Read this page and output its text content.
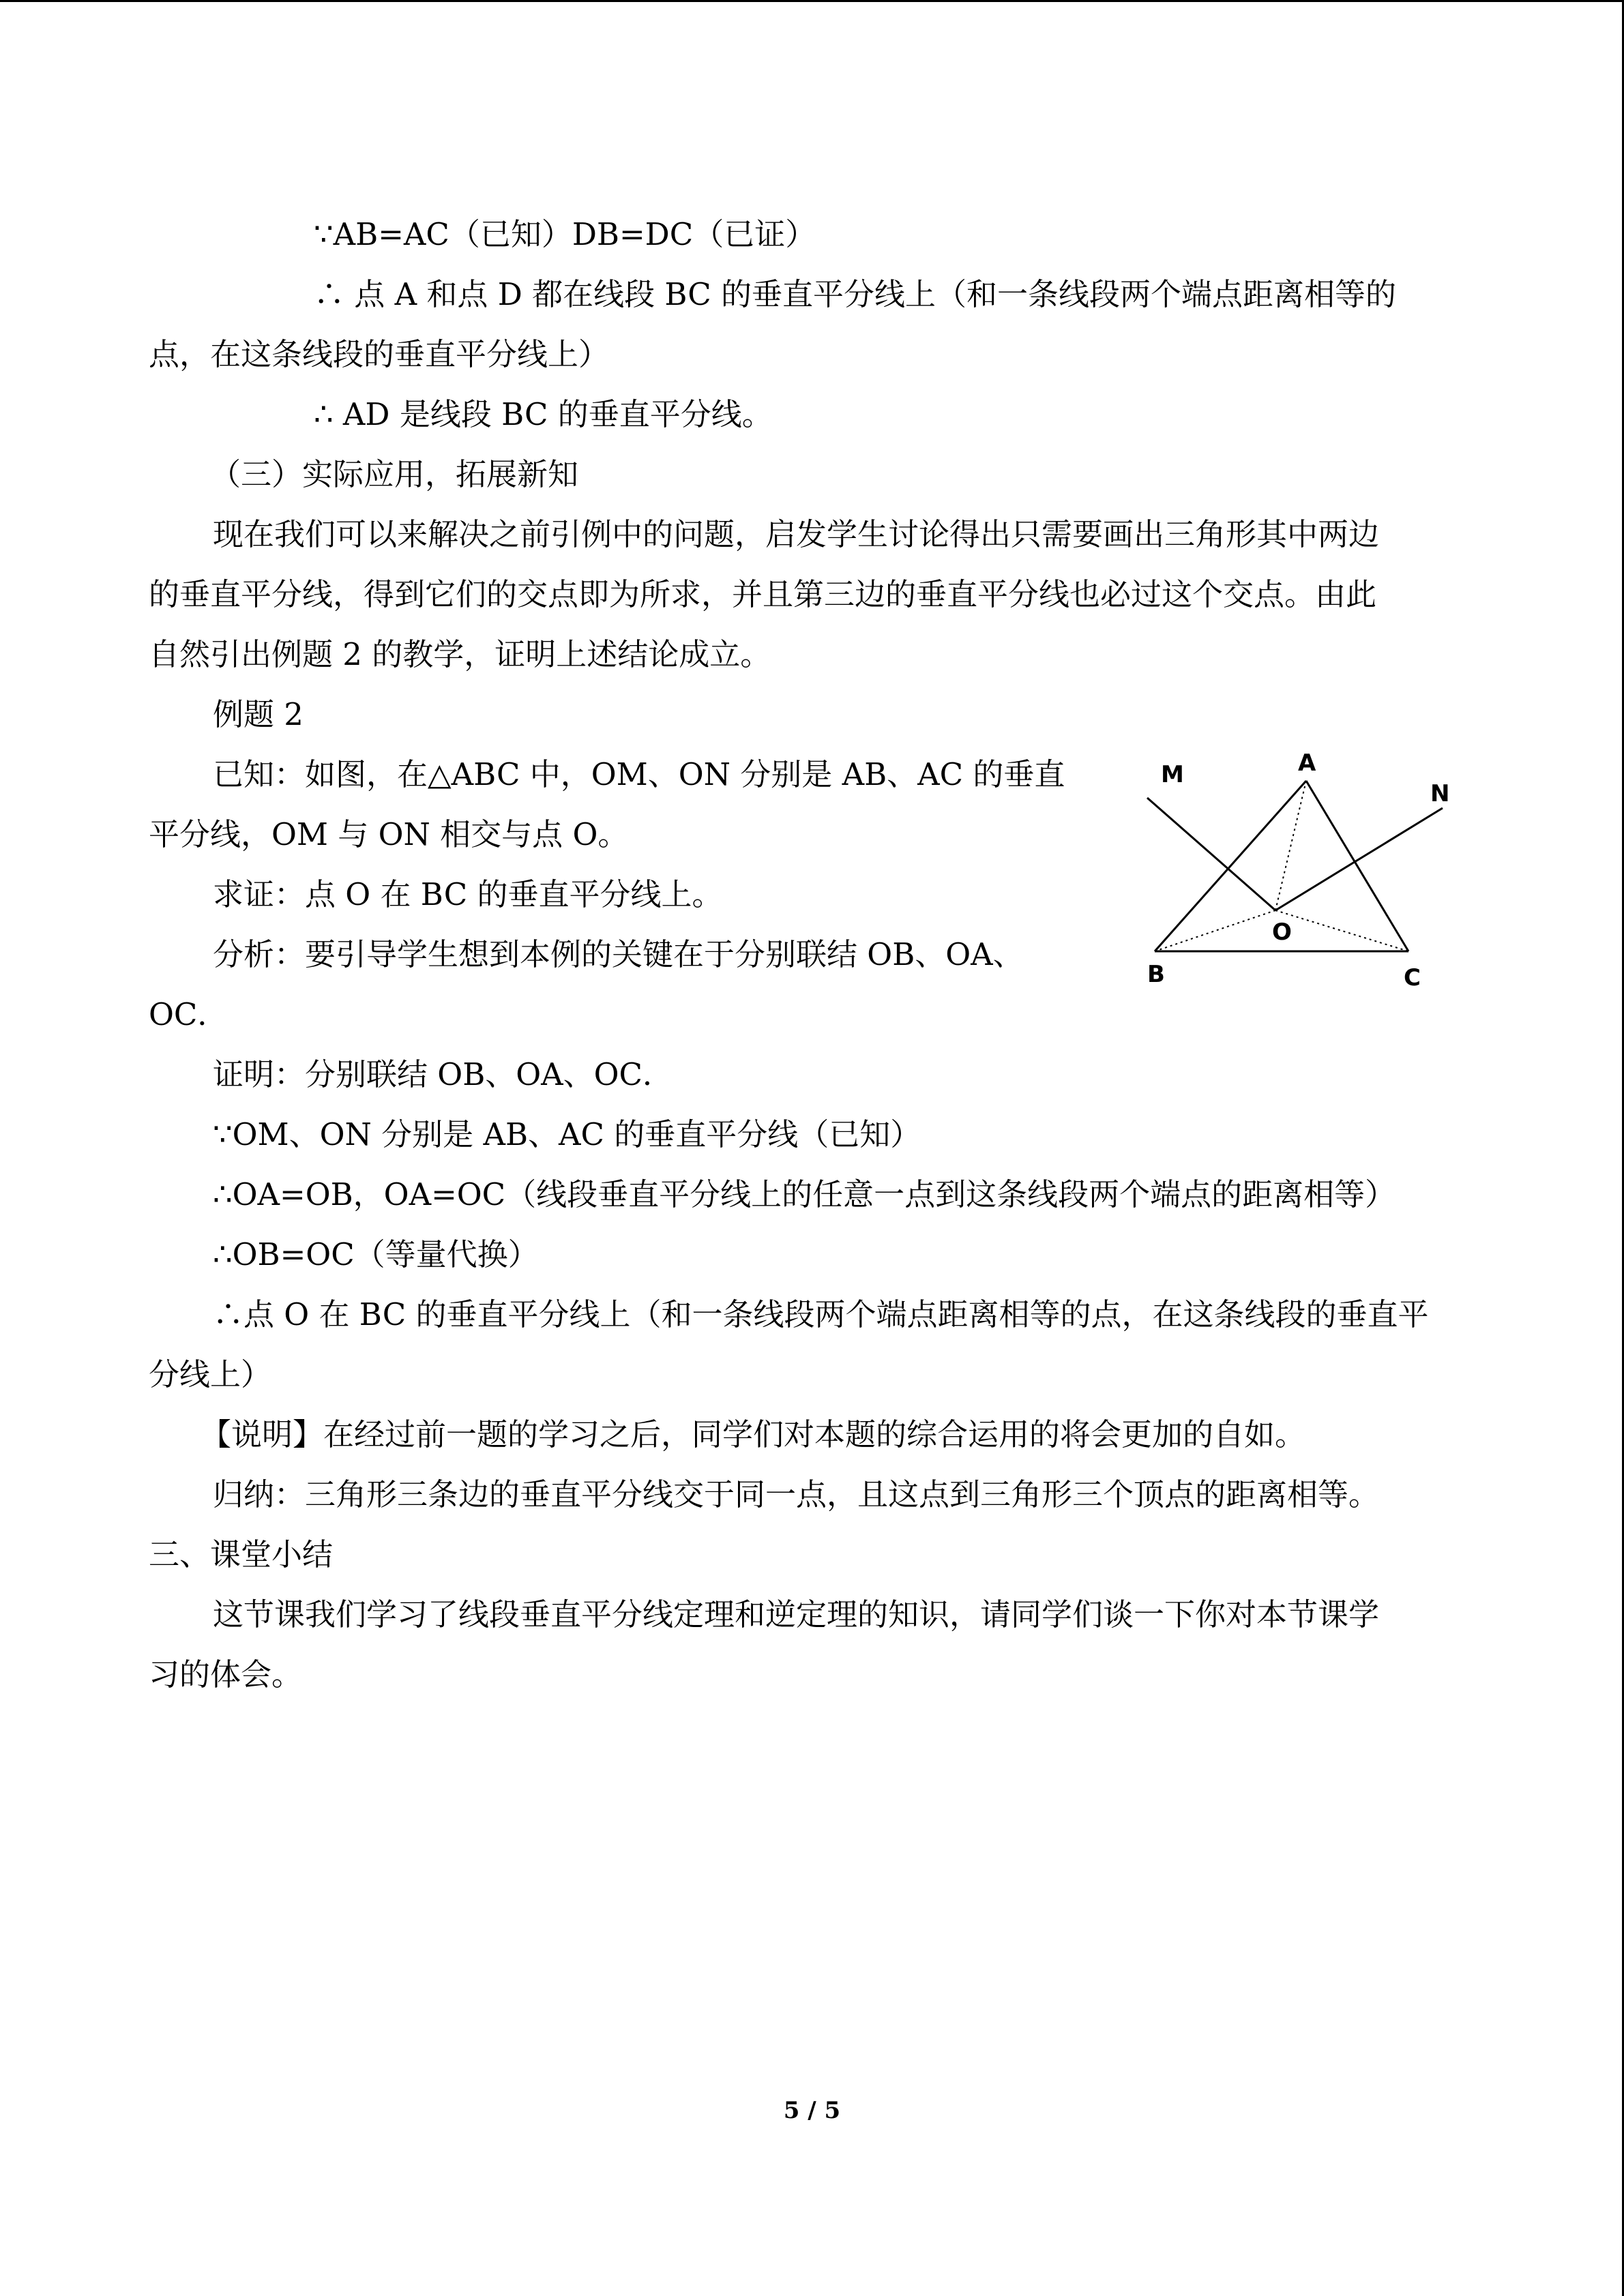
∵AB=AC（已知）DB=DC（已证）
∴ 点 A 和点 D 都在线段 BC 的垂直平分线上（和一条线段两个端点距离相等的
点，在这条线段的垂直平分线上）
∴ AD 是线段 BC 的垂直平分线。
（三）实际应用，拓展新知
现在我们可以来解决之前引例中的问题，启发学生讨论得出只需要画出三角形其中两边
的垂直平分线，得到它们的交点即为所求，并且第三边的垂直平分线也必过这个交点。由此
自然引出例题 2 的教学，证明上述结论成立。
例题 2
已知：如图，在△ABC 中，OM、ON 分别是 AB、AC 的垂直
平分线，OM 与 ON 相交与点 O。
求证：点 O 在 BC 的垂直平分线上。
分析：要引导学生想到本例的关键在于分别联结 OB、OA、
OC．
证明：分别联结 OB、OA、OC．
∵OM、ON 分别是 AB、AC 的垂直平分线（已知）
∴OA=OB，OA=OC（线段垂直平分线上的任意一点到这条线段两个端点的距离相等）
∴OB=OC（等量代换）
∴点 O 在 BC 的垂直平分线上（和一条线段两个端点距离相等的点，在这条线段的垂直平
分线上）
【说明】在经过前一题的学习之后，同学们对本题的综合运用的将会更加的自如。
归纳：三角形三条边的垂直平分线交于同一点，且这点到三角形三个顶点的距离相等。
三、课堂小结
这节课我们学习了线段垂直平分线定理和逆定理的知识，请同学们谈一下你对本节课学
习的体会。
A
B	C
M
N
O
5 / 5
